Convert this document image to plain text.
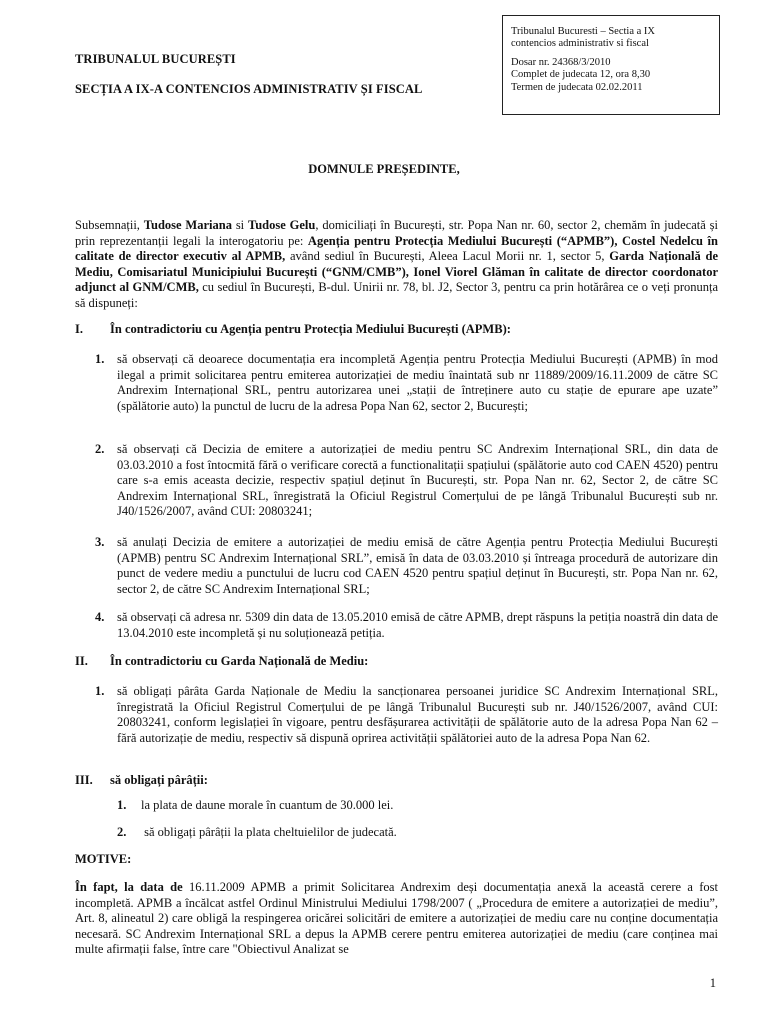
Tribunalul Bucuresti – Sectia a IX
contencios administrativ si fiscal
Dosar nr. 24368/3/2010
Complet de judecata 12, ora 8,30
Termen de judecata 02.02.2011
TRIBUNALUL BUCUREȘTI
SECȚIA A IX-A CONTENCIOS ADMINISTRATIV ȘI FISCAL
DOMNULE PREȘEDINTE,
Subsemnații, Tudose Mariana si Tudose Gelu, domiciliați în București, str. Popa Nan nr. 60, sector 2, chemăm în judecată și prin reprezentanții legali la interogatoriu pe: Agenția pentru Protecția Mediului București (“APMB”), Costel Nedelcu în calitate de director executiv al APMB, având sediul în București, Aleea Lacul Morii nr. 1, sector 5, Garda Națională de Mediu, Comisariatul Municipiului București (“GNM/CMB”), Ionel Viorel Glăman în calitate de director coordonator adjunct al GNM/CMB, cu sediul în București, B-dul. Unirii nr. 78, bl. J2, Sector 3, pentru ca prin hotărârea ce o veți pronunța să dispuneți:
I. În contradictoriu cu Agenția pentru Protecția Mediului București (APMB):
1. să observați că deoarece documentația era incompletă Agenția pentru Protecția Mediului București (APMB) în mod ilegal a primit solicitarea pentru emiterea autorizației de mediu înaintată sub nr 11889/2009/16.11.2009 de către SC Andrexim Internațional SRL, pentru autorizarea unei „stații de întreținere auto cu stație de epurare ape uzate” (spălătorie auto) la punctul de lucru de la adresa Popa Nan 62, sector 2, București;
2. să observați că Decizia de emitere a autorizației de mediu pentru SC Andrexim Internațional SRL, din data de 03.03.2010 a fost întocmită fără o verificare corectă a functionalitații spațiului (spălătorie auto cod CAEN 4520) pentru care s-a emis aceasta decizie, respectiv spațiul deținut în București, str. Popa Nan nr. 62, Sector 2, de către SC Andrexim Internațional SRL, înregistrată la Oficiul Registrul Comerțului de pe lângă Tribunalul București sub nr. J40/1526/2007, având CUI: 20803241;
3. să anulați Decizia de emitere a autorizației de mediu emisă de către Agenția pentru Protecția Mediului București (APMB) pentru SC Andrexim Internațional SRL”, emisă în data de 03.03.2010 și întreaga procedură de autorizare din punct de vedere mediu a punctului de lucru cod CAEN 4520 pentru spațiul deținut în București, str. Popa Nan nr. 62, sector 2, de către SC Andrexim Internațional SRL;
4. să observați că adresa nr. 5309 din data de 13.05.2010 emisă de către APMB, drept răspuns la petiția noastră din data de 13.04.2010 este incompletă și nu soluționează petiția.
II. În contradictoriu cu Garda Națională de Mediu:
1. să obligați pârâta Garda Naționale de Mediu la sancționarea persoanei juridice SC Andrexim Internațional SRL, înregistrată la Oficiul Registrul Comerțului de pe lângă Tribunalul București sub nr. J40/1526/2007, având CUI: 20803241, conform legislației în vigoare, pentru desfășurarea activității de spălătorie auto de la adresa Popa Nan 62 – fără autorizație de mediu, respectiv să dispună oprirea activității spălătoriei auto de la adresa Popa Nan 62.
III. să obligați pârâții:
1. la plata de daune morale în cuantum de 30.000 lei.
2. să obligați pârâții la plata cheltuielilor de judecată.
MOTIVE:
În fapt, la data de 16.11.2009 APMB a primit Solicitarea Andrexim deși documentația anexă la această cerere a fost incompletă. APMB a încălcat astfel Ordinul Ministrului Mediului 1798/2007 ( „Procedura de emitere a autorizației de mediu”, Art. 8, alineatul 2) care obligă la respingerea oricărei solicitări de emitere a autorizației de mediu care nu conține documentația necesară. SC Andrexim Internațional SRL a depus la APMB cerere pentru emiterea autorizației de mediu (care conținea mai multe afirmații false, între care "Obiectivul Analizat se
1
